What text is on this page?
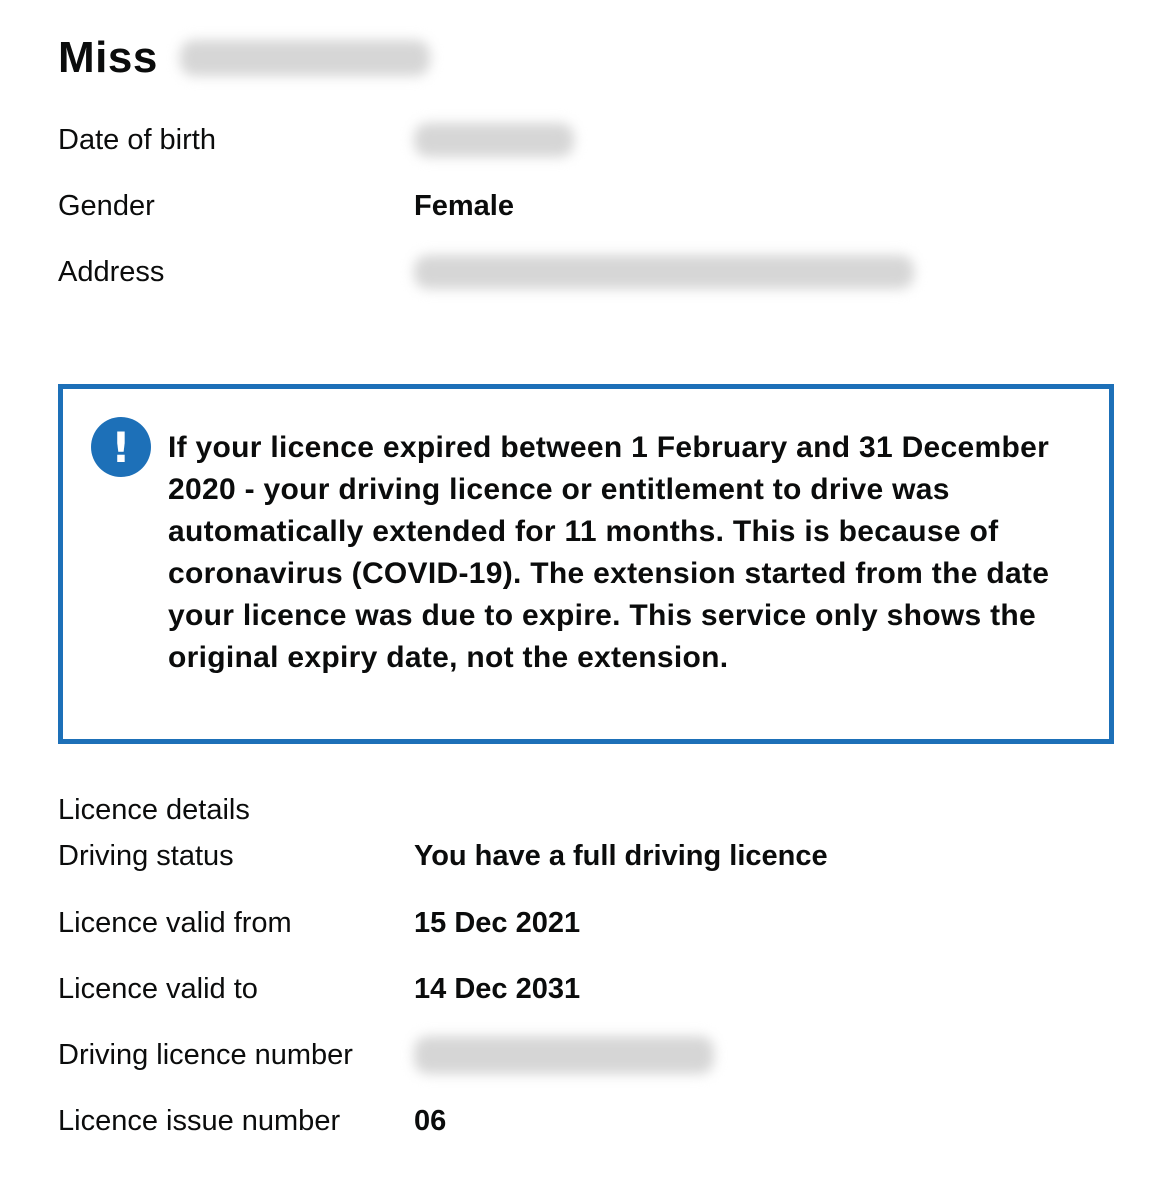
Miss
Date of birth
Gender	Female
Address
!	If your licence expired between 1 February and 31 December 2020 - your driving licence or entitlement to drive was automatically extended for 11 months. This is because of coronavirus (COVID-19). The extension started from the date your licence was due to expire. This service only shows the original expiry date, not the extension.
Licence details
Driving status	You have a full driving licence
Licence valid from	15 Dec 2021
Licence valid to	14 Dec 2031
Driving licence number
Licence issue number	06
